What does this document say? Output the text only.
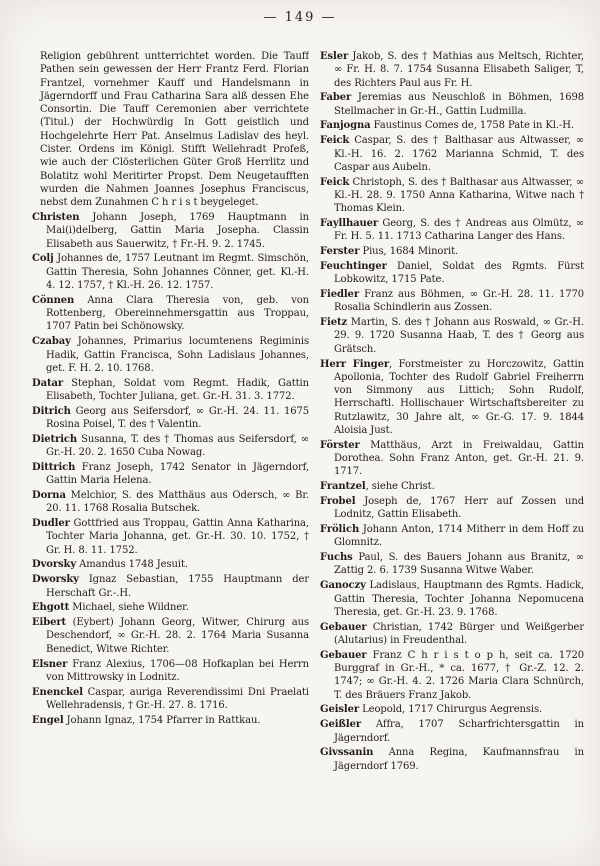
— 149 —

Religion gebührent untterrichtet worden. Die Tauff Pathen sein gewessen der Herr Frantz Ferd. Florian Frantzel, vornehmer Kauff und Handelsmann in Jägerndorff und Frau Catharina Sara alß dessen Ehe Consortin. Die Tauff Ceremonien aber verrichtete (Titul.) der Hochwürdig In Gott geistlich und Hochgelehrte Herr Pat. Anselmus Ladislav des heyl. Cister. Ordens im Königl. Stifft Wellehradt Profeß, wie auch der Clösterlichen Güter Groß Herrlitz und Bolatitz wohl Meritirter Propst. Dem Neugetaufften wurden die Nahmen Joannes Josephus Franciscus, nebst dem Zunahmen C h r i s t beygeleget.

Christen Johann Joseph, 1769 Hauptmann in Mai(i)delberg, Gattin Maria Josepha. Classin Elisabeth aus Sauerwitz, † Fr.-H. 9. 2. 1745.

Colj Johannes de, 1757 Leutnant im Regmt. Simschön, Gattin Theresia, Sohn Johannes Cönner, get. Kl.-H. 4. 12. 1757, † Kl.-H. 26. 12. 1757.

Cönnen Anna Clara Theresia von, geb. von Rottenberg, Obereinnehmersgattin aus Troppau, 1707 Patin bei Schönowsky.

Czabay Johannes, Primarius locumtenens Regiminis Hadik, Gattin Francisca, Sohn Ladislaus Johannes, get. F. H. 2. 10. 1768.

Datar Stephan, Soldat vom Regmt. Hadik, Gattin Elisabeth, Tochter Juliana, get. Gr.-H. 31. 3. 1772.

Ditrich Georg aus Seifersdorf, ∞ Gr.-H. 24. 11. 1675 Rosina Poisel, T. des † Valentin.

Dietrich Susanna, T. des † Thomas aus Seifersdorf, ∞ Gr.-H. 20. 2. 1650 Cuba Nowag.

Dittrich Franz Joseph, 1742 Senator in Jägerndorf, Gattin Maria Helena.

Dorna Melchior, S. des Matthäus aus Odersch, ∞ Br. 20. 11. 1768 Rosalia Butschek.

Dudler Gottfried aus Troppau, Gattin Anna Katharina, Tochter Maria Johanna, get. Gr.-H. 30. 10. 1752, † Gr. H. 8. 11. 1752.

Dvorsky Amandus 1748 Jesuit.

Dworsky Ignaz Sebastian, 1755 Hauptmann der Herschaft Gr.-.H.

Ehgott Michael, siehe Wildner.

Eibert (Eybert) Johann Georg, Witwer, Chirurg aus Deschendorf, ∞ Gr.-H. 28. 2. 1764 Maria Susanna Benedict, Witwe Richter.

Elsner Franz Alexius, 1706—08 Hofkaplan bei Herrn von Mittrowsky in Lodnitz.

Enenckel Caspar, auriga Reverendissimi Dni Praelati Wellehradensis, † Gr.-H. 27. 8. 1716.

Engel Johann Ignaz, 1754 Pfarrer in Rattkau.

Esler Jakob, S. des † Mathias aus Meltsch, Richter, ∞ Fr. H. 8. 7. 1754 Susanna Elisabeth Saliger, T, des Richters Paul aus Fr. H.

Faber Jeremias aus Neuschloß in Böhmen, 1698 Stellmacher in Gr.-H., Gattin Ludmilla.

Fanjogna Faustinus Comes de, 1758 Pate in Kl.-H.

Feick Caspar, S. des † Balthasar aus Altwasser, ∞ Kl.-H. 16. 2. 1762 Marianna Schmid, T. des Caspar aus Aubeln.

Feick Christoph, S. des † Balthasar aus Altwasser, ∞ Kl.-H. 28. 9. 1750 Anna Katharina, Witwe nach † Thomas Klein.

Fayllhauer Georg, S. des † Andreas aus Olmütz, ∞ Fr. H. 5. 11. 1713 Catharina Langer des Hans.

Ferster Pius, 1684 Minorit.

Feuchtinger Daniel, Soldat des Rgmts. Fürst Lobkowitz, 1715 Pate.

Fiedler Franz aus Böhmen, ∞ Gr.-H. 28. 11. 1770 Rosalia Schindlerin aus Zossen.

Fietz Martin, S. des † Johann aus Roswald, ∞ Gr.-H. 29. 9. 1720 Susanna Haab, T. des † Georg aus Grätsch.

Herr Finger, Forstmeister zu Horczowitz, Gattin Apollonia, Tochter des Rudolf Gabriel Freiherrn von Simmony aus Littich; Sohn Rudolf, Herrschaftl. Hollischauer Wirtschaftsbereiter zu Rutzlawitz, 30 Jahre alt, ∞ Gr.-G. 17. 9. 1844 Aloisia Just.

Förster Matthäus, Arzt in Freiwaldau, Gattin Dorothea. Sohn Franz Anton, get. Gr.-H. 21. 9. 1717.

Frantzel, siehe Christ.

Frobel Joseph de, 1767 Herr auf Zossen und Lodnitz, Gattin Elisabeth.

Frölich Johann Anton, 1714 Mitherr in dem Hoff zu Glomnitz.

Fuchs Paul, S. des Bauers Johann aus Branitz, ∞ Zattig 2. 6. 1739 Susanna Witwe Waber.

Ganoczy Ladislaus, Hauptmann des Rgmts. Hadick, Gattin Theresia, Tochter Johanna Nepomucena Theresia, get. Gr.-H. 23. 9. 1768.

Gebauer Christian, 1742 Bürger und Weißgerber (Alutarius) in Freudenthal.

Gebauer Franz C h r i s t o p h, seit ca. 1720 Burggraf in Gr.-H., * ca. 1677, † Gr.-Z. 12. 2. 1747; ∞ Gr.-H. 4. 2. 1726 Maria Clara Schnürch, T. des Bräuers Franz Jakob.

Geisler Leopold, 1717 Chirurgus Aegrensis.

Geißler Affra, 1707 Scharfrichtersgattin in Jägerndorf.

Givssanin Anna Regina, Kaufmannsfrau in Jägerndorf 1769.
